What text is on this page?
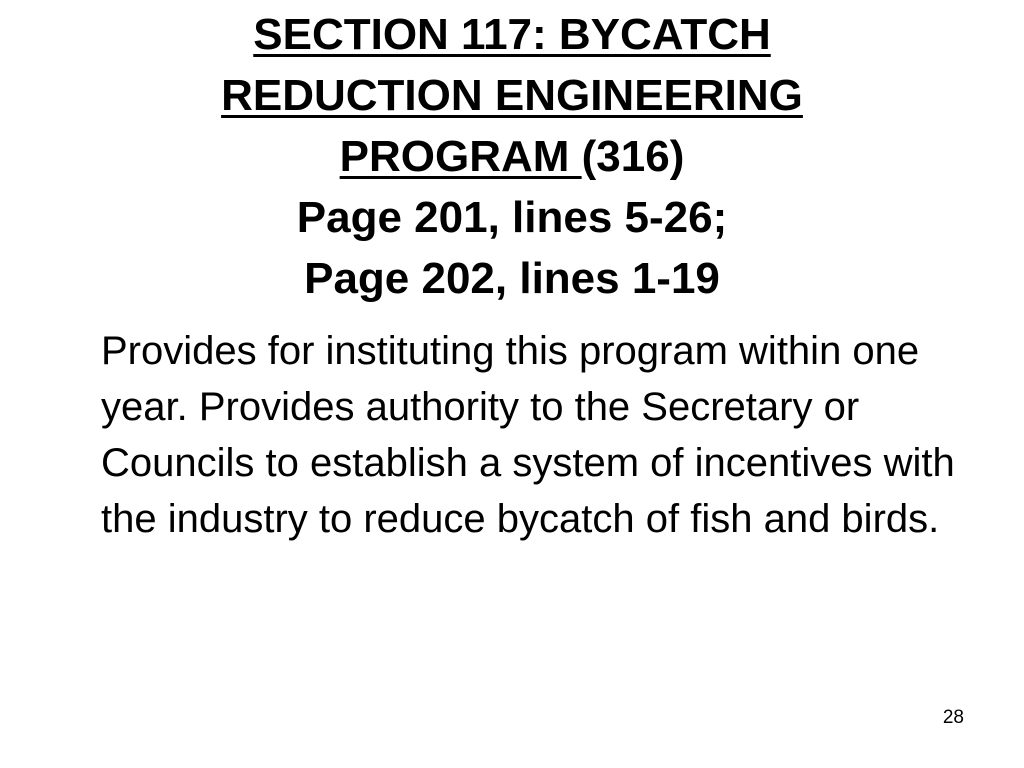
SECTION 117: BYCATCH
REDUCTION ENGINEERING
PROGRAM (316)
Page 201, lines 5-26;
Page 202, lines 1-19
Provides for instituting this program within one year. Provides authority to the Secretary or Councils to establish a system of incentives with the industry to reduce bycatch of fish and birds.
28
